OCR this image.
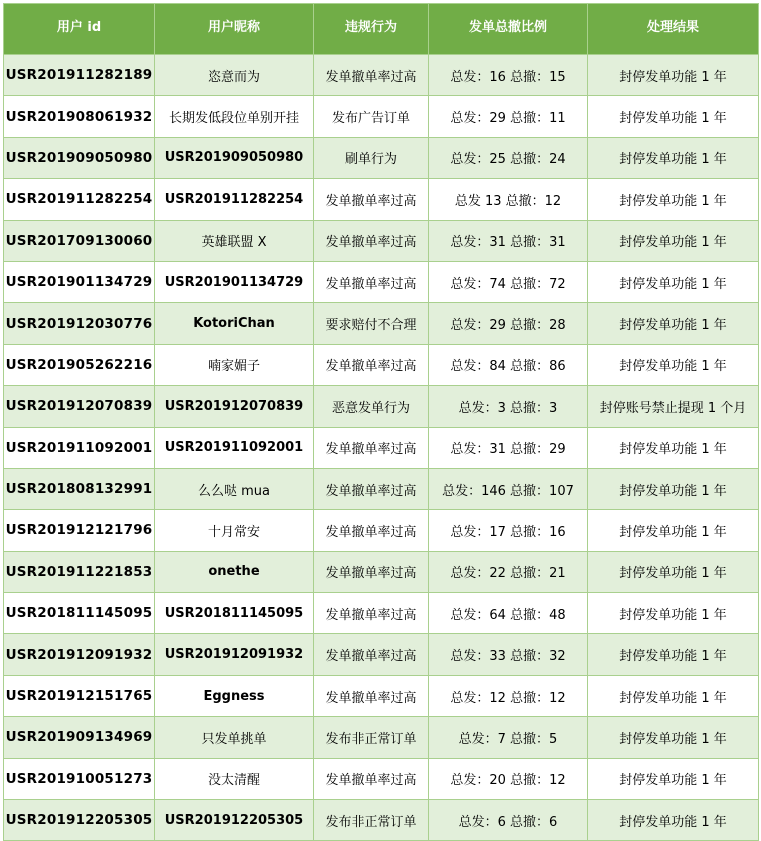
用户 id	用户昵称	违规行为	发单总撤比例	处理结果
USR201911282189	恣意而为	发单撤单率过高	总发：16 总撤：15	封停发单功能 1 年
USR201908061932	长期发低段位单别开挂	发布广告订单	总发：29 总撤：11	封停发单功能 1 年
USR201909050980	USR201909050980	刷单行为	总发：25 总撤：24	封停发单功能 1 年
USR201911282254	USR201911282254	发单撤单率过高	总发 13 总撤：12	封停发单功能 1 年
USR201709130060	英雄联盟 X	发单撤单率过高	总发：31 总撤：31	封停发单功能 1 年
USR201901134729	USR201901134729	发单撤单率过高	总发：74 总撤：72	封停发单功能 1 年
USR201912030776	KotoriChan	要求赔付不合理	总发：29 总撤：28	封停发单功能 1 年
USR201905262216	喃家媚子	发单撤单率过高	总发：84 总撤：86	封停发单功能 1 年
USR201912070839	USR201912070839	恶意发单行为	总发：3 总撤：3	封停账号禁止提现 1 个月
USR201911092001	USR201911092001	发单撤单率过高	总发：31 总撤：29	封停发单功能 1 年
USR201808132991	么么哒 mua	发单撤单率过高	总发：146 总撤：107	封停发单功能 1 年
USR201912121796	十月常安	发单撤单率过高	总发：17 总撤：16	封停发单功能 1 年
USR201911221853	onethe	发单撤单率过高	总发：22 总撤：21	封停发单功能 1 年
USR201811145095	USR201811145095	发单撤单率过高	总发：64 总撤：48	封停发单功能 1 年
USR201912091932	USR201912091932	发单撤单率过高	总发：33 总撤：32	封停发单功能 1 年
USR201912151765	Eggness	发单撤单率过高	总发：12 总撤：12	封停发单功能 1 年
USR201909134969	只发单挑单	发布非正常订单	总发：7 总撤：5	封停发单功能 1 年
USR201910051273	没太清醒	发单撤单率过高	总发：20 总撤：12	封停发单功能 1 年
USR201912205305	USR201912205305	发布非正常订单	总发：6 总撤：6	封停发单功能 1 年
